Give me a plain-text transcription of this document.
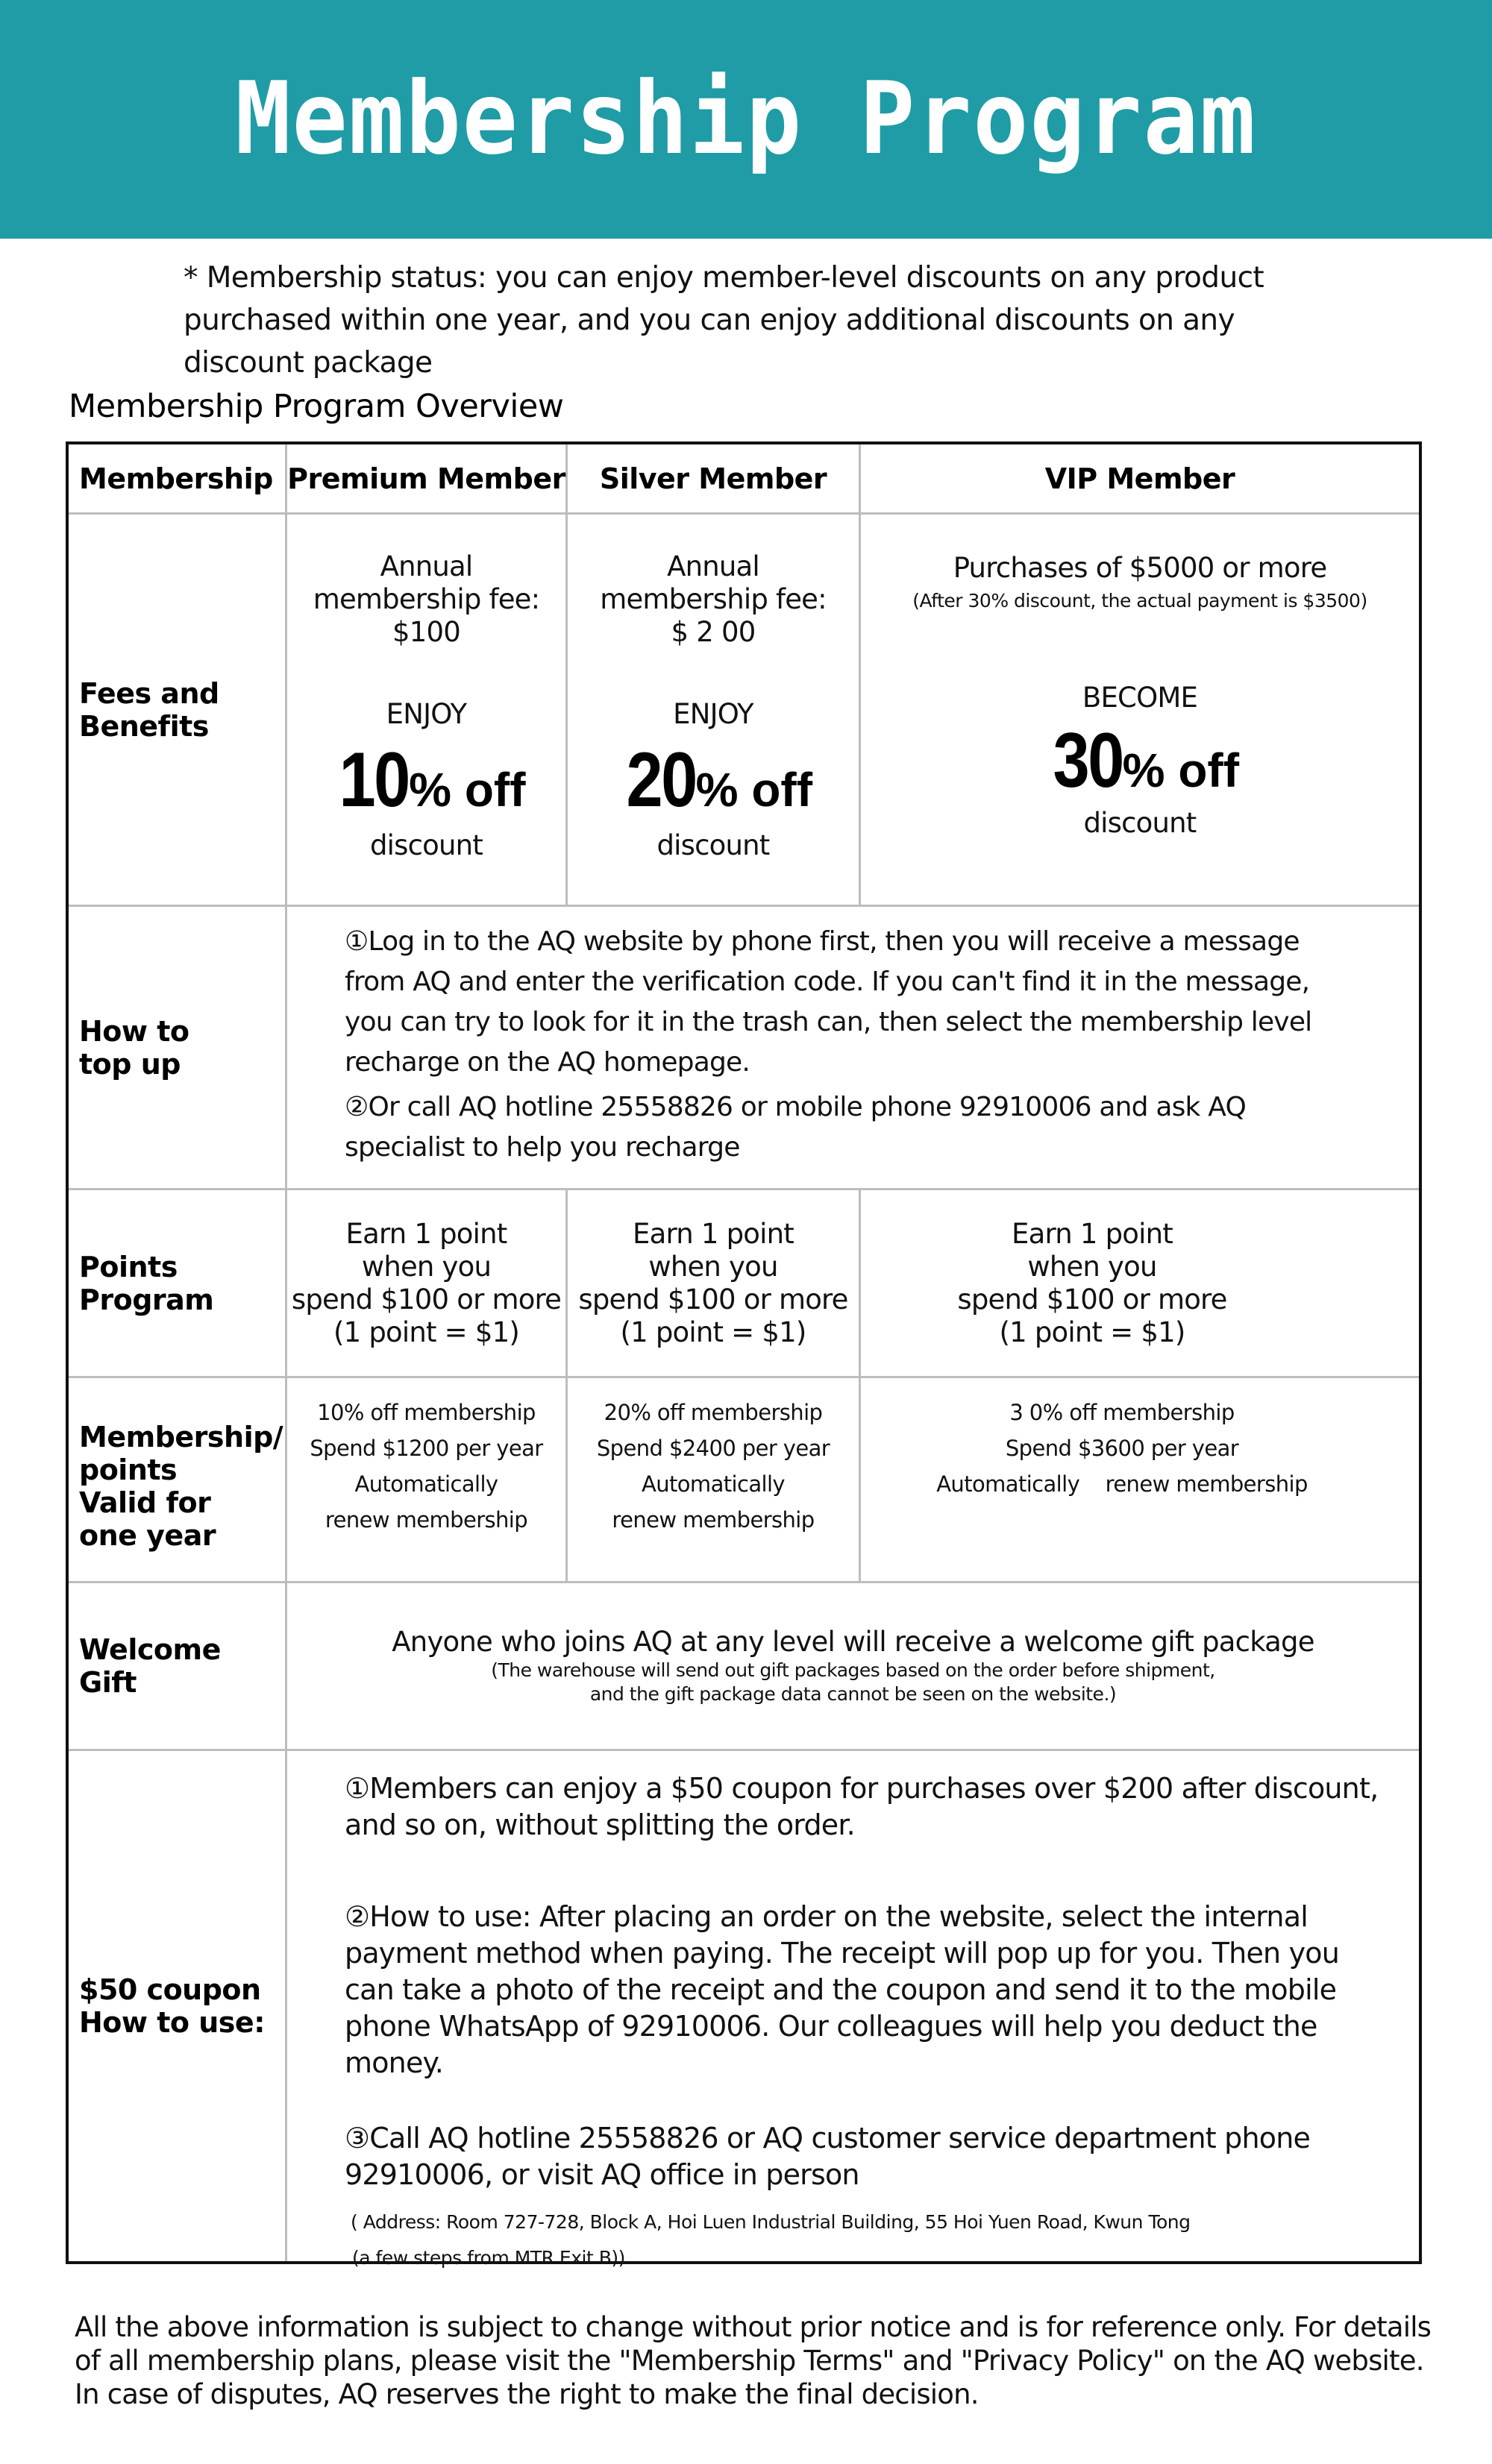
Membership Program
* Membership status: you can enjoy member-level discounts on any product purchased within one year, and you can enjoy additional discounts on any discount package
Membership Program Overview
Membership Premium Member Silver Member	VIP Member
Fees and
Benefits
Annual
membership fee:
$100
ENJOY
10% off
discount
Annual
membership fee:
$ 2 00
ENJOY
20% off
discount
Purchases of $5000 or more
(After 30% discount, the actual payment is $3500)
BECOME
30% off
discount
How to
top up
①Log in to the AQ website by phone first, then you will receive a message from AQ and enter the verification code. If you can't find it in the message, you can try to look for it in the trash can, then select the membership level recharge on the AQ homepage.
②Or call AQ hotline 25558826 or mobile phone 92910006 and ask AQ specialist to help you recharge
Points Program
Earn 1 point
when you
spend $100 or more
(1 point = $1)
Earn 1 point
when you
spend $100 or more
(1 point = $1)
Earn 1 point
when you
spend $100 or more
(1 point = $1)
Membership/
points
Valid for
one year
10% off membership
Spend $1200 per year
Automatically
renew membership
20% off membership
Spend $2400 per year
Automatically
renew membership
3 0% off membership
Spend $3600 per year
Automatically    renew membership
Welcome Gift
Anyone who joins AQ at any level will receive a welcome gift package
(The warehouse will send out gift packages based on the order before shipment,
and the gift package data cannot be seen on the website.)
$50 coupon
How to use:
①Members can enjoy a $50 coupon for purchases over $200 after discount, and so on, without splitting the order.
②How to use: After placing an order on the website, select the internal payment method when paying. The receipt will pop up for you. Then you can take a photo of the receipt and the coupon and send it to the mobile phone WhatsApp of 92910006. Our colleagues will help you deduct the money.
③Call AQ hotline 25558826 or AQ customer service department phone 92910006, or visit AQ office in person
( Address: Room 727-728, Block A, Hoi Luen Industrial Building, 55 Hoi Yuen Road, Kwun Tong
(a few steps from MTR Exit B))
All the above information is subject to change without prior notice and is for reference only. For details of all membership plans, please visit the "Membership Terms" and "Privacy Policy" on the AQ website. In case of disputes, AQ reserves the right to make the final decision.
